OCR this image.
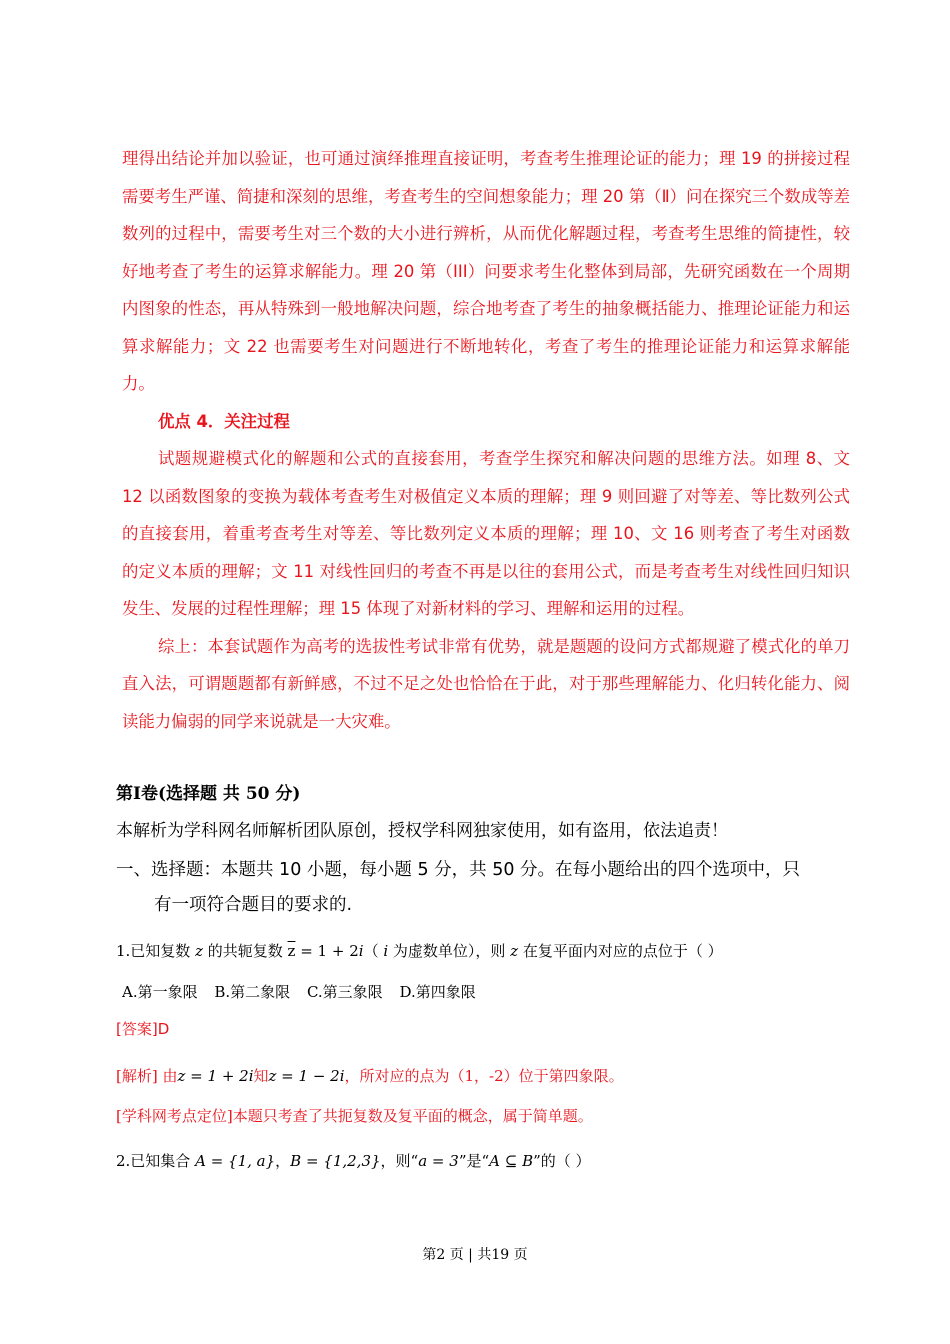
理得出结论并加以验证，也可通过演绎推理直接证明，考查考生推理论证的能力；理 19 的拼接过程需要考生严谨、简捷和深刻的思维，考查考生的空间想象能力；理 20 第（Ⅱ）问在探究三个数成等差数列的过程中，需要考生对三个数的大小进行辨析，从而优化解题过程，考查考生思维的简捷性，较好地考查了考生的运算求解能力。理 20 第（III）问要求考生化整体到局部，先研究函数在一个周期内图象的性态，再从特殊到一般地解决问题，综合地考查了考生的抽象概括能力、推理论证能力和运算求解能力；文 22 也需要考生对问题进行不断地转化，考查了考生的推理论证能力和运算求解能力。

优点 4．关注过程

试题规避模式化的解题和公式的直接套用，考查学生探究和解决问题的思维方法。如理 8、文 12 以函数图象的变换为载体考查考生对极值定义本质的理解；理 9 则回避了对等差、等比数列公式的直接套用，着重考查考生对等差、等比数列定义本质的理解；理 10、文 16 则考查了考生对函数的定义本质的理解；文 11 对线性回归的考查不再是以往的套用公式，而是考查考生对线性回归知识发生、发展的过程性理解；理 15 体现了对新材料的学习、理解和运用的过程。

综上：本套试题作为高考的选拔性考试非常有优势，就是题题的设问方式都规避了模式化的单刀直入法，可谓题题都有新鲜感，不过不足之处也恰恰在于此，对于那些理解能力、化归转化能力、阅读能力偏弱的同学来说就是一大灾难。

第Ⅰ卷(选择题 共 50 分)
本解析为学科网名师解析团队原创，授权学科网独家使用，如有盗用，依法追责！
一、选择题：本题共 10 小题，每小题 5 分，共 50 分。在每小题给出的四个选项中，只
有一项符合题目的要求的.
1.已知复数 z 的共轭复数 $\overline{z} = 1 + 2i$（ i 为虚数单位），则 z 在复平面内对应的点位于（ ）
A.第一象限 B.第二象限 C.第三象限 D.第四象限
[答案]D
[解析] 由z = 1 + 2i知z = 1 − 2i，所对应的点为（1，-2）位于第四象限。
[学科网考点定位]本题只考查了共扼复数及复平面的概念，属于简单题。
2.已知集合 A = {1, a}，B = {1,2,3}，则“a = 3”是“A ⊆ B”的（ ）
第2 页 | 共19 页
